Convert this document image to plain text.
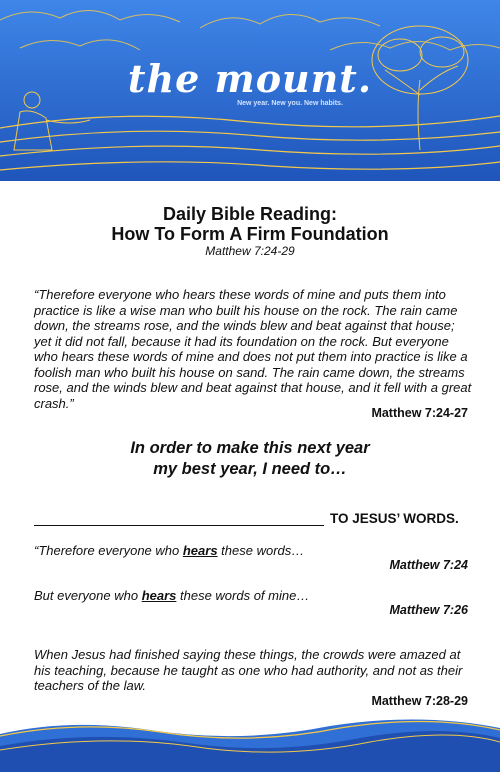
the mount.
New year. New you. New habits.
Daily Bible Reading:
How To Form A Firm Foundation
Matthew 7:24-29

“Therefore everyone who hears these words of mine and puts them into practice is like a wise man who built his house on the rock. The rain came down, the streams rose, and the winds blew and beat against that house; yet it did not fall, because it had its foundation on the rock. But everyone who hears these words of mine and does not put them into practice is like a foolish man who built his house on sand. The rain came down, the streams rose, and the winds blew and beat against that house, and it fell with a great crash.”

Matthew 7:24-27
In order to make this next year
my best year, I need to…
TO JESUS’ WORDS.
“Therefore everyone who hears these words…
Matthew 7:24
But everyone who hears these words of mine…
Matthew 7:26

When Jesus had finished saying these things, the crowds were amazed at his teaching, because he taught as one who had authority, and not as their teachers of the law.

Matthew 7:28-29
